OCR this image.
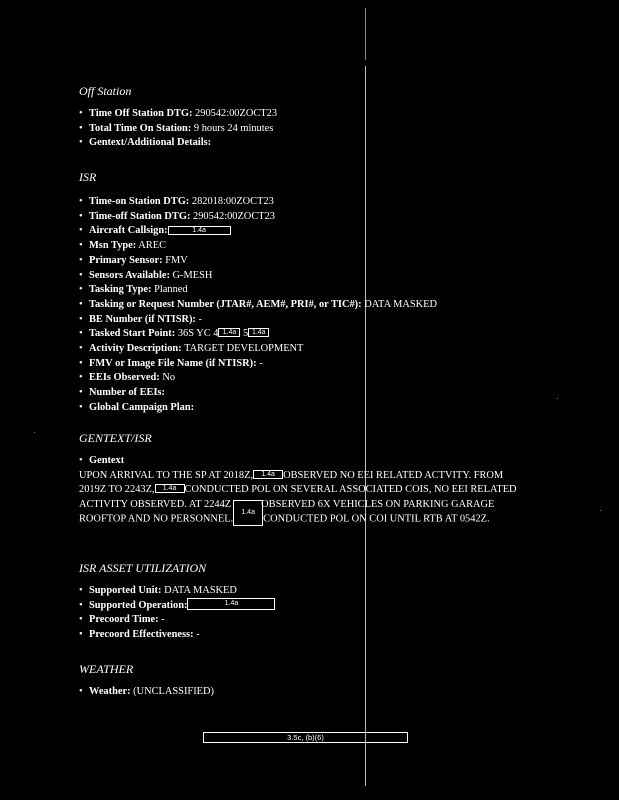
Off Station

• Time Off Station DTG: 290542:00ZOCT23
• Total Time On Station: 9 hours 24 minutes
• Gentext/Additional Details:

ISR

• Time-on Station DTG: 282018:00ZOCT23
• Time-off Station DTG: 290542:00ZOCT23
• Aircraft Callsign:	1.4a
• Msn Type: AREC
• Primary Sensor: FMV
• Sensors Available: G-MESH
• Tasking Type: Planned
• Tasking or Request Number (JTAR#, AEM#, PRI#, or TIC#): DATA MASKED
• BE Number (if NTISR): -
• Tasked Start Point: 36S YC 4 1.4a 5 1.4a
• Activity Description: TARGET DEVELOPMENT
• FMV or Image File Name (if NTISR): -
• EEIs Observed: No
• Number of EEIs:
• Global Campaign Plan:

GENTEXT/ISR

• Gentext

UPON ARRIVAL TO THE SP AT 2018Z, 1.4a OBSERVED NO EEI RELATED ACTVITY. FROM

2019Z TO 2243Z, 1.4a CONDUCTED POL ON SEVERAL ASSOCIATED COIS, NO EEI RELATED

ACTIVITY OBSERVED. AT 2244Z	OBSERVED 6X VEHICLES ON PARKING GARAGE

ROOFTOP AND NO PERSONNEL.1.4aCONDUCTED POL ON COI UNTIL RTB AT 0542Z.

ISR ASSET UTILIZATION

• Supported Unit: DATA MASKED
• Supported Operation:	1.4a
• Precoord Time: -
• Precoord Effectiveness: -

WEATHER

• Weather: (UNCLASSIFIED)
3.5c, (b)(6)
